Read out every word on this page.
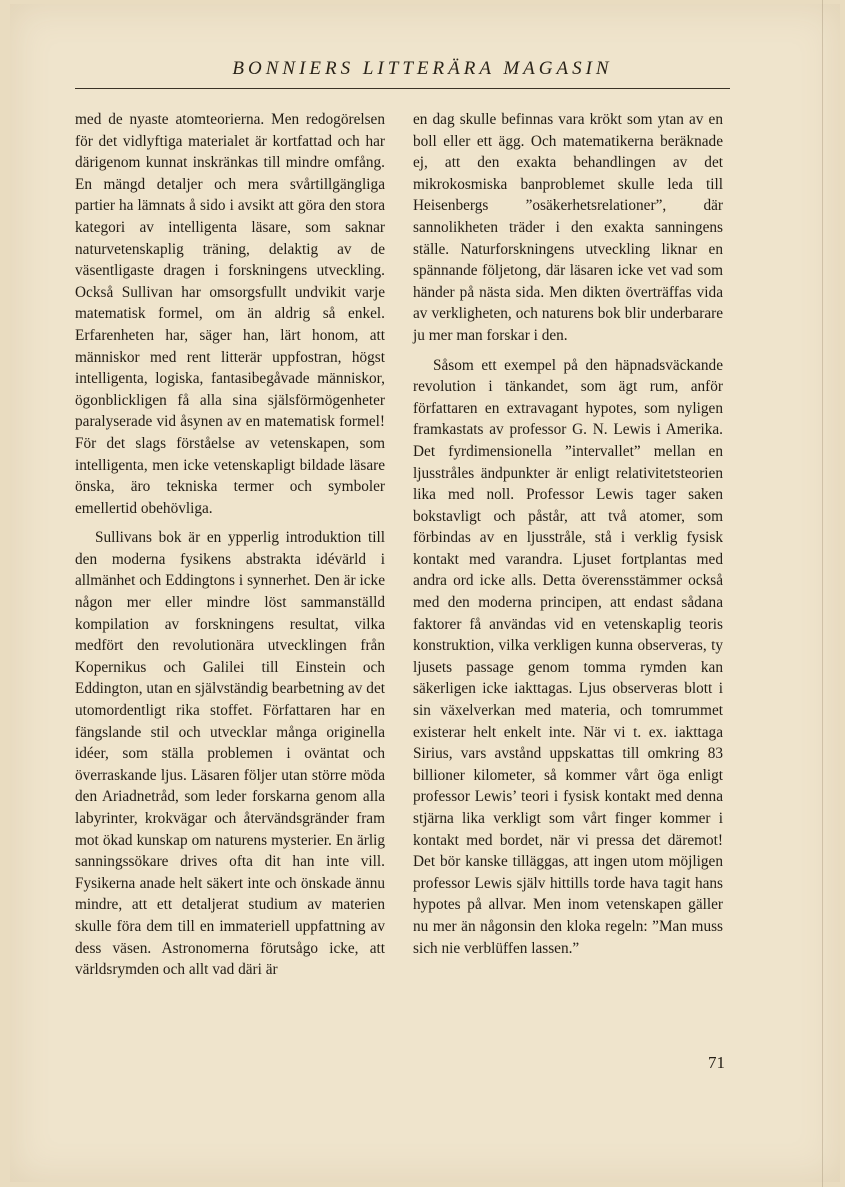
BONNIERS LITTERÄRA MAGASIN

med de nyaste atomteorierna. Men redogörelsen för det vidlyftiga materialet är kortfattad och har därigenom kunnat inskränkas till mindre omfång. En mängd detaljer och mera svårtillgängliga partier ha lämnats å sido i avsikt att göra den stora kategori av intelligenta läsare, som saknar naturvetenskaplig träning, delaktig av de väsentligaste dragen i forskningens utveckling. Också Sullivan har omsorgsfullt undvikit varje matematisk formel, om än aldrig så enkel. Erfarenheten har, säger han, lärt honom, att människor med rent litterär uppfostran, högst intelligenta, logiska, fantasibegåvade människor, ögonblickligen få alla sina själsförmögenheter paralyserade vid åsynen av en matematisk formel! För det slags förståelse av vetenskapen, som intelligenta, men icke vetenskapligt bildade läsare önska, äro tekniska termer och symboler emellertid obehövliga.

Sullivans bok är en ypperlig introduktion till den moderna fysikens abstrakta idévärld i allmänhet och Eddingtons i synnerhet. Den är icke någon mer eller mindre löst sammanställd kompilation av forskningens resultat, vilka medfört den revolutionära utvecklingen från Kopernikus och Galilei till Einstein och Eddington, utan en självständig bearbetning av det utomordentligt rika stoffet. Författaren har en fängslande stil och utvecklar många originella idéer, som ställa problemen i oväntat och överraskande ljus. Läsaren följer utan större möda den Ariadnetråd, som leder forskarna genom alla labyrinter, krokvägar och återvändsgränder fram mot ökad kunskap om naturens mysterier. En ärlig sanningssökare drives ofta dit han inte vill. Fysikerna anade helt säkert inte och önskade ännu mindre, att ett detaljerat studium av materien skulle föra dem till en immateriell uppfattning av dess väsen. Astronomerna förutsågo icke, att världsrymden och allt vad däri är

en dag skulle befinnas vara krökt som ytan av en boll eller ett ägg. Och matematikerna beräknade ej, att den exakta behandlingen av det mikrokosmiska banproblemet skulle leda till Heisenbergs ”osäkerhetsrelationer”, där sannolikheten träder i den exakta sanningens ställe. Naturforskningens utveckling liknar en spännande följetong, där läsaren icke vet vad som händer på nästa sida. Men dikten överträffas vida av verkligheten, och naturens bok blir underbarare ju mer man forskar i den.

Såsom ett exempel på den häpnadsväckande revolution i tänkandet, som ägt rum, anför författaren en extravagant hypotes, som nyligen framkastats av professor G. N. Lewis i Amerika. Det fyrdimensionella ”intervallet” mellan en ljusstråles ändpunkter är enligt relativitetsteorien lika med noll. Professor Lewis tager saken bokstavligt och påstår, att två atomer, som förbindas av en ljusstråle, stå i verklig fysisk kontakt med varandra. Ljuset fortplantas med andra ord icke alls. Detta överensstämmer också med den moderna principen, att endast sådana faktorer få användas vid en vetenskaplig teoris konstruktion, vilka verkligen kunna observeras, ty ljusets passage genom tomma rymden kan säkerligen icke iakttagas. Ljus observeras blott i sin växelverkan med materia, och tomrummet existerar helt enkelt inte. När vi t. ex. iakttaga Sirius, vars avstånd uppskattas till omkring 83 billioner kilometer, så kommer vårt öga enligt professor Lewis’ teori i fysisk kontakt med denna stjärna lika verkligt som vårt finger kommer i kontakt med bordet, när vi pressa det däremot! Det bör kanske tilläggas, att ingen utom möjligen professor Lewis själv hittills torde hava tagit hans hypotes på allvar. Men inom vetenskapen gäller nu mer än någonsin den kloka regeln: ”Man muss sich nie verblüffen lassen.”

71
